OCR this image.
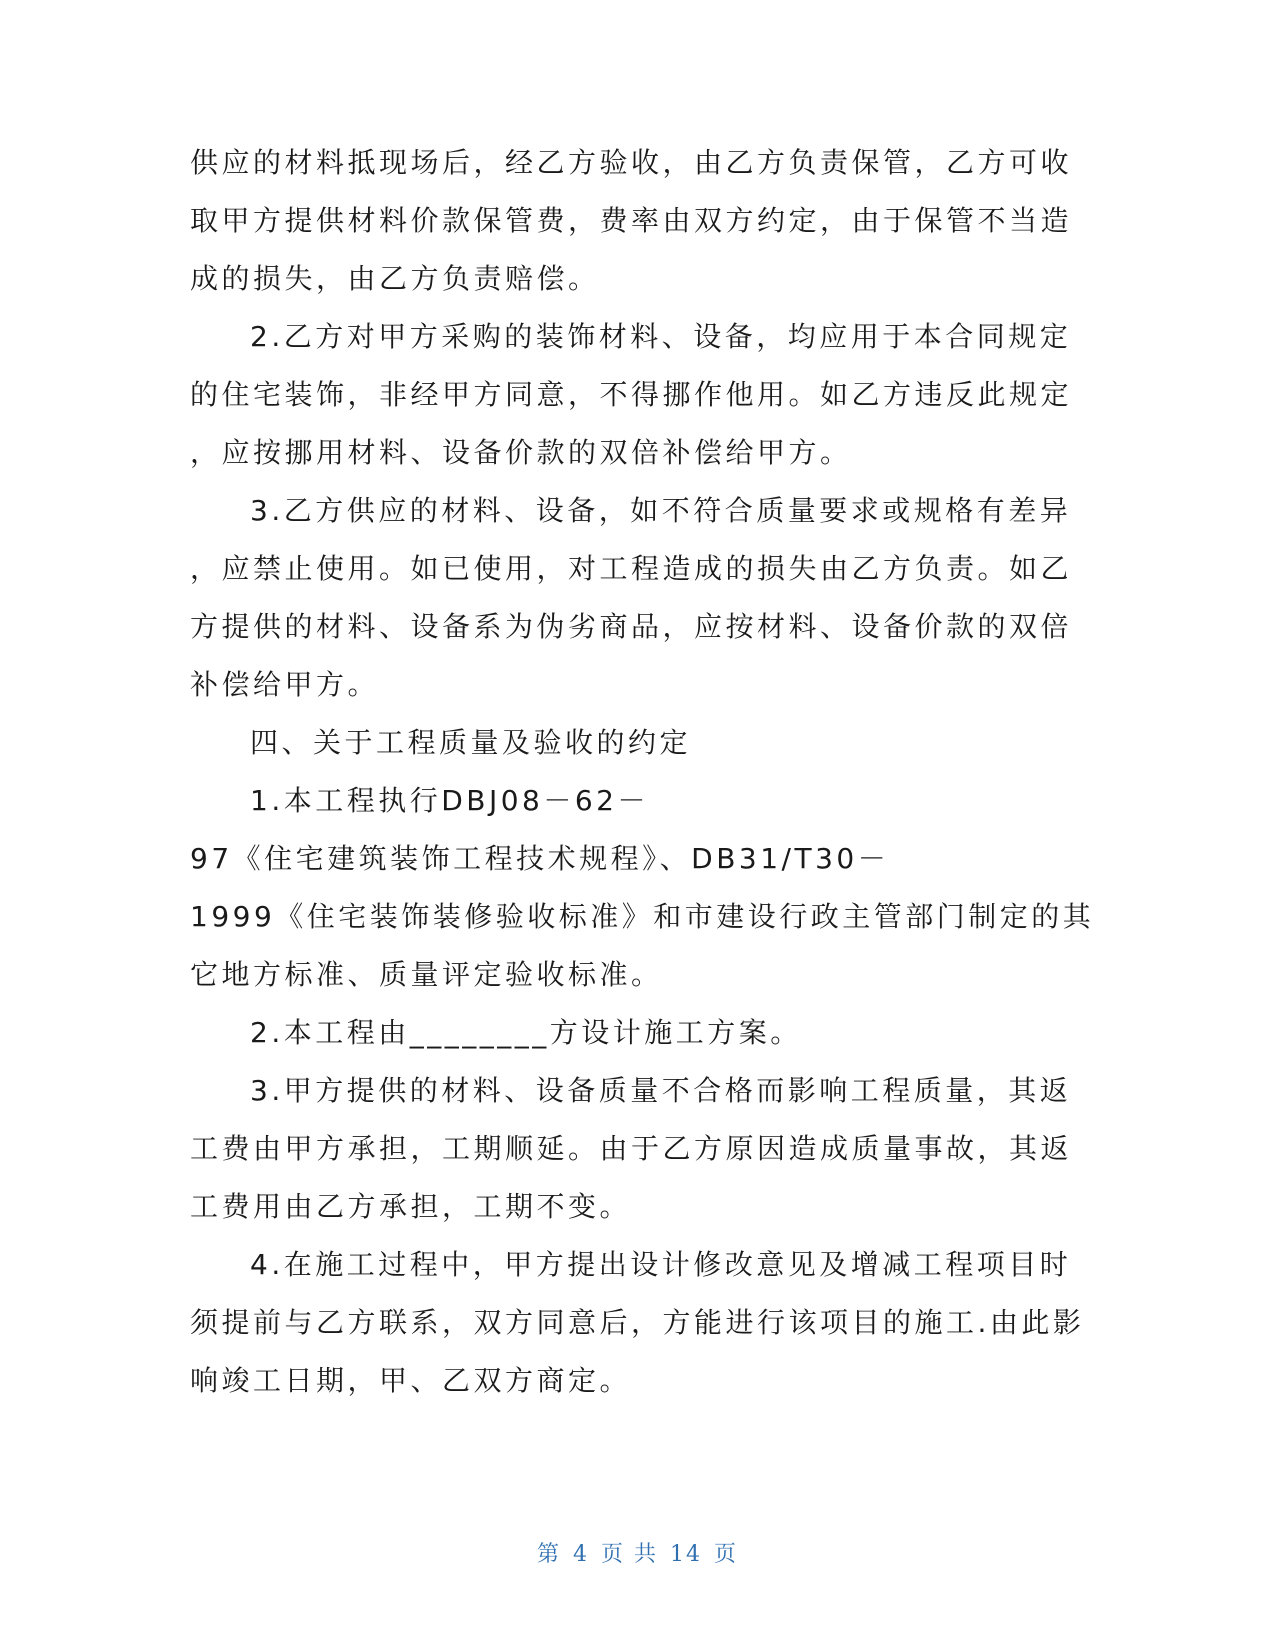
供应的材料抵现场后，经乙方验收，由乙方负责保管，乙方可收
取甲方提供材料价款保管费，费率由双方约定，由于保管不当造
成的损失，由乙方负责赔偿。
2.乙方对甲方采购的装饰材料、设备，均应用于本合同规定
的住宅装饰，非经甲方同意，不得挪作他用。如乙方违反此规定
，应按挪用材料、设备价款的双倍补偿给甲方。
3.乙方供应的材料、设备，如不符合质量要求或规格有差异
，应禁止使用。如已使用，对工程造成的损失由乙方负责。如乙
方提供的材料、设备系为伪劣商品，应按材料、设备价款的双倍
补偿给甲方。
四、关于工程质量及验收的约定
1.本工程执行DBJ08－62－
97《住宅建筑装饰工程技术规程》、DB31/T30－
1999《住宅装饰装修验收标准》和市建设行政主管部门制定的其
它地方标准、质量评定验收标准。
2.本工程由________方设计施工方案。
3.甲方提供的材料、设备质量不合格而影响工程质量，其返
工费由甲方承担，工期顺延。由于乙方原因造成质量事故，其返
工费用由乙方承担，工期不变。
4.在施工过程中，甲方提出设计修改意见及增减工程项目时
须提前与乙方联系，双方同意后，方能进行该项目的施工.由此影
响竣工日期，甲、乙双方商定。
第 4 页 共 14 页
